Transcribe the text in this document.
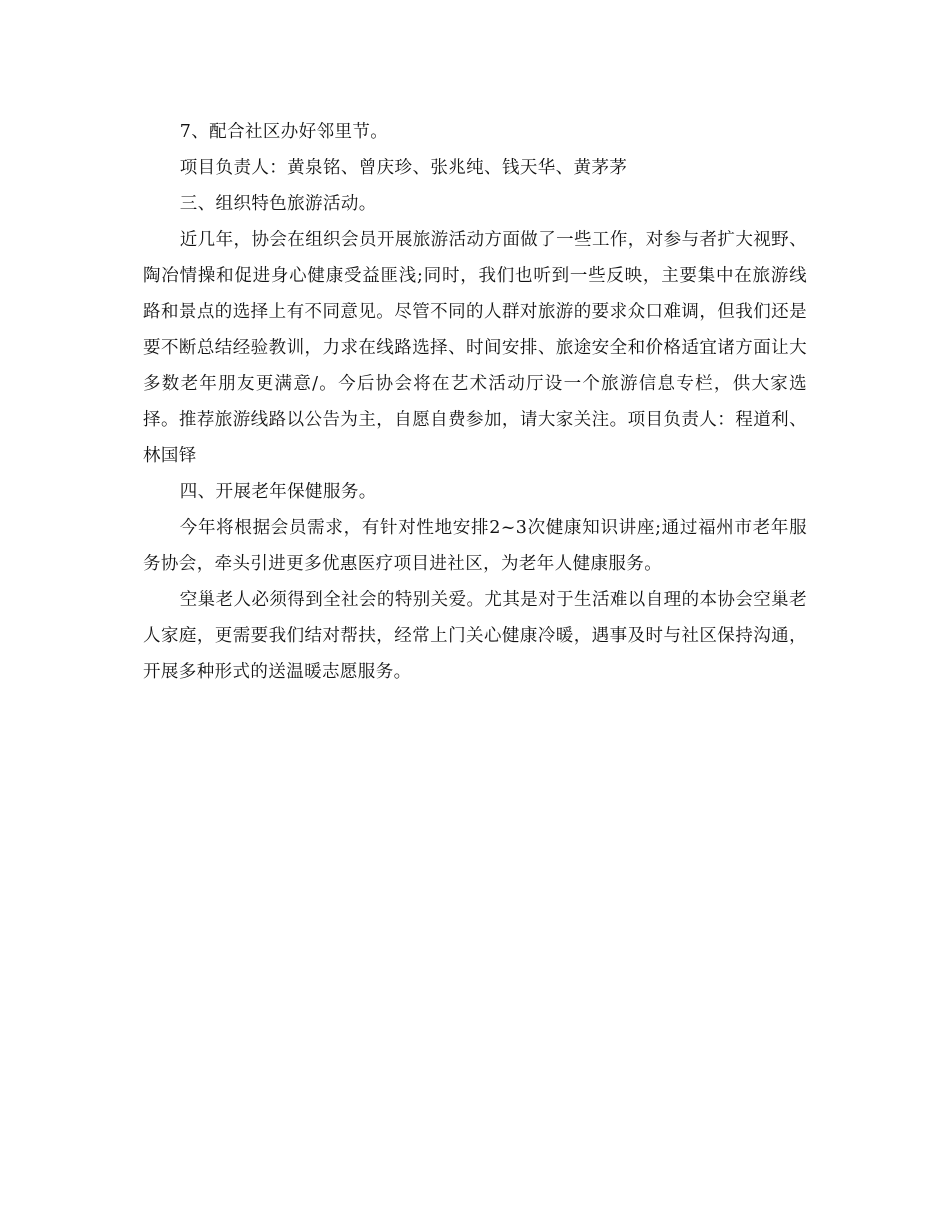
7、配合社区办好邻里节。

项目负责人：黄泉铭、曾庆珍、张兆纯、钱天华、黄茅茅

三、组织特色旅游活动。

近几年，协会在组织会员开展旅游活动方面做了一些工作，对参与者扩大视野、陶冶情操和促进身心健康受益匪浅;同时，我们也听到一些反映，主要集中在旅游线路和景点的选择上有不同意见。尽管不同的人群对旅游的要求众口难调，但我们还是要不断总结经验教训，力求在线路选择、时间安排、旅途安全和价格适宜诸方面让大多数老年朋友更满意/。今后协会将在艺术活动厅设一个旅游信息专栏，供大家选择。推荐旅游线路以公告为主，自愿自费参加，请大家关注。项目负责人：程道利、林国铎

四、开展老年保健服务。

今年将根据会员需求，有针对性地安排2~3次健康知识讲座;通过福州市老年服务协会，牵头引进更多优惠医疗项目进社区，为老年人健康服务。

空巢老人必须得到全社会的特别关爱。尤其是对于生活难以自理的本协会空巢老人家庭，更需要我们结对帮扶，经常上门关心健康冷暖，遇事及时与社区保持沟通，开展多种形式的送温暖志愿服务。
